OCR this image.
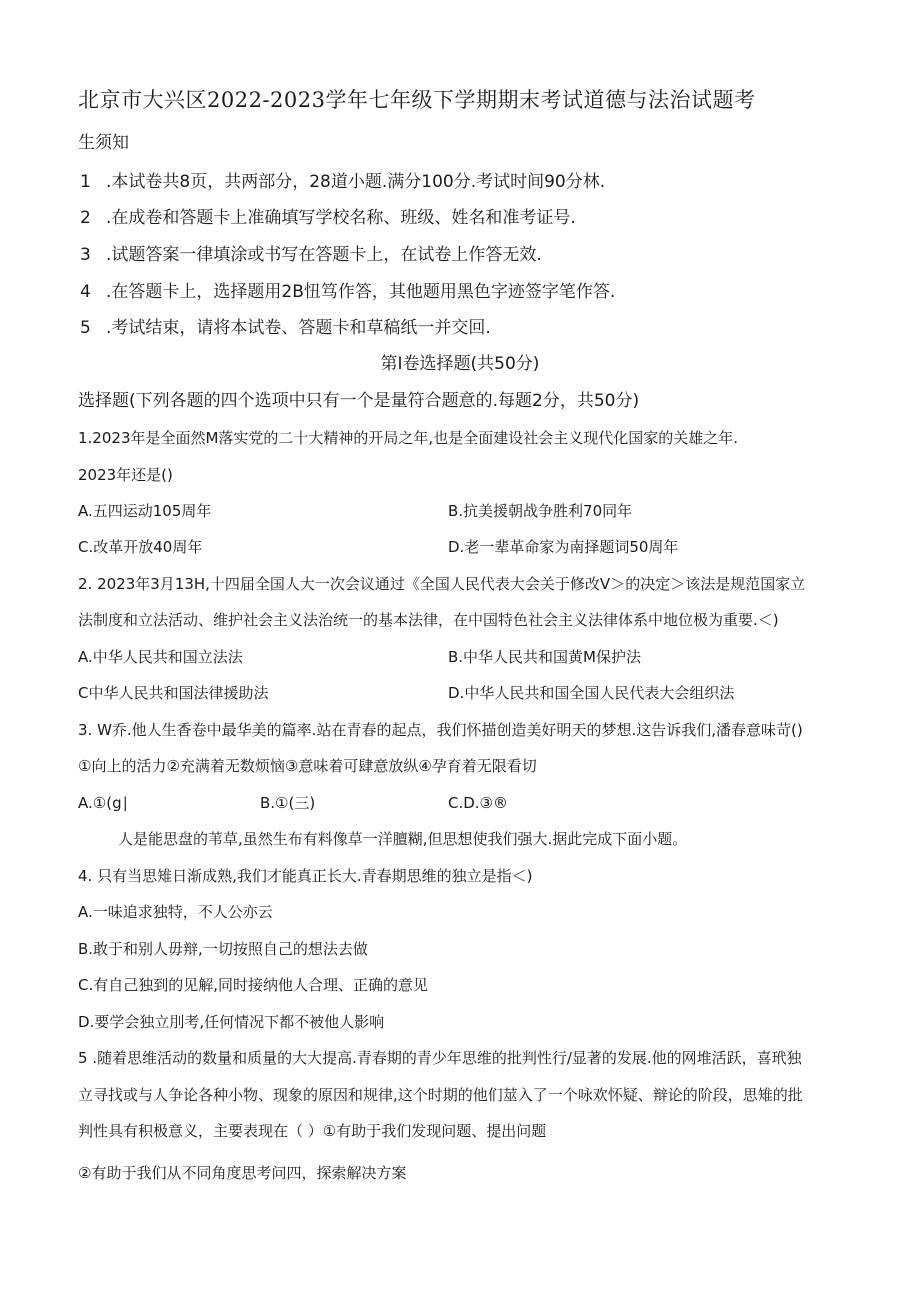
北京市大兴区2022-2023学年七年级下学期期末考试道德与法治试题考
生须知
1 .本试卷共8页，共两部分，28道小题.满分100分.考试时间90分林.
2 .在成卷和答题卡上准确填写学校名称、班级、姓名和准考证号.
3 .试题答案一律填涂或书写在答题卡上，在试卷上作答无效.
4 .在答题卡上，选择题用2B忸笃作答，其他题用黑色字迹签字笔作答.
5 .考试结束，请将本试卷、答题卡和草稿纸一并交回.
第I卷选择题(共50分)
选择题(下列各题的四个选项中只有一个是量符合题意的.每题2分，共50分)
1.2023年是全面然M落实党的二十大精神的开局之年,也是全面建设社会主义现代化国家的关雄之年.
2023年还是()
A.五四运动105周年	B.抗美援朝战争胜利70同年
C.改革开放40周年	D.老一辈革命家为南择题词50周年
2. 2023年3月13H,十四届全国人大一次会议通过《全国人民代表大会关于修改V＞的决定＞该法是规范国家立
法制度和立法活动、维护社会主义法治统一的基本法律，在中国特色社会主义法律体系中地位极为重要.＜)
A.中华人民共和国立法法	B.中华人民共和国黄M保护法
C中华人民共和国法律援助法	D.中华人民共和国全国人民代表大会组织法
3. W乔.他人生香卷中最华美的篇率.站在青春的起点，我们怀描创造美好明天的梦想.这告诉我们,潘春意味苛()
①向上的活力②充满着无数烦恼③意味着可肆意放纵④孕育着无限看切
A.①(g∣	B.①(三)	C.D.③®
人是能思盘的苇草,虽然生布有料像草一洋膻糊,但思想使我们强大.据此完成下面小题。
4. 只有当思雉日渐成熟,我们才能真正长大.青春期思维的独立是指＜)
A.一味追求独特，不人公亦云
B.敢于和别人毋辩,一切按照自己的想法去做
C.有自己独到的见解,同时接纳他人合理、正确的意见
D.要学会独立刖考,任何情况下都不被他人影响
5 .随着思维活动的数量和质量的大大提高.青春期的青少年思维的批判性行/显著的发展.他的网堆活跃，喜玳独
立寻找或与人争论各种小物、现象的原因和规律,这个时期的他们莁入了一个咏欢怀疑、辩论的阶段，思雉的批
判性具有积极意义，主要表现在（ ）①有助于我们发现问题、提出问题
②有助于我们从不同角度思考问四，探索解决方案
